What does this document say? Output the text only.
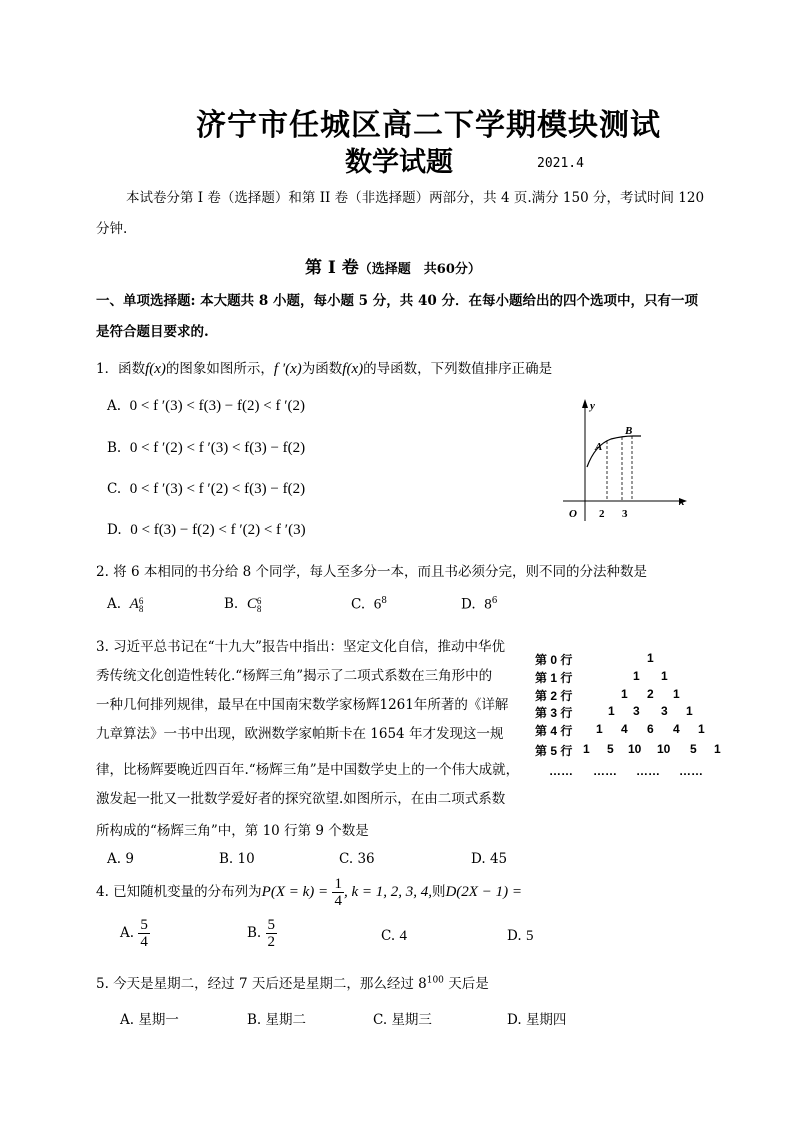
济宁市任城区高二下学期模块测试
数学试题	2021.4
本试卷分第 I 卷（选择题）和第 II 卷（非选择题）两部分，共 4 页.满分 150 分，考试时间 120
分钟.
第 I 卷（选择题　共60分）
一、单项选择题: 本大题共 8 小题，每小题 5 分，共 40 分．在每小题给出的四个选项中，只有一项
是符合题目要求的.
1．函数f(x)的图象如图所示，f ′(x)为函数f(x)的导函数，下列数值排序正确是
A. 0 < f ′(3) < f(3) − f(2) < f ′(2)
B. 0 < f ′(2) < f ′(3) < f(3) − f(2)
C. 0 < f ′(3) < f ′(2) < f(3) − f(2)
D. 0 < f(3) − f(2) < f ′(2) < f ′(3)
y
x
O
A
B
2 3
2. 将 6 本相同的书分给 8 个同学，每人至多分一本，而且书必须分完，则不同的分法种数是
A. A 6
8	B. C 6
8	C. $6^8$	D. $8^6$
3. 习近平总书记在“十九大”报告中指出：坚定文化自信，推动中华优
秀传统文化创造性转化.“杨辉三角”揭示了二项式系数在三角形中的
一种几何排列规律，最早在中国南宋数学家杨辉1261年所著的《详解
九章算法》一书中出现，欧洲数学家帕斯卡在 1654 年才发现这一规
律，比杨辉要晚近四百年.“杨辉三角”是中国数学史上的一个伟大成就，
激发起一批又一批数学爱好者的探究欲望.如图所示，在由二项式系数
所构成的“杨辉三角”中，第 10 行第 9 个数是
第 0 行	1
第 1 行	1 1
第 2 行	1 2 1
第 3 行	1 3 3 1
第 4 行 1 4 6 4 1
第 5 行 1 5 10 10 5 1
…… …… …… ……
A. 9	B. 10	C. 36	D. 45
4. 已知随机变量的分布列为$P(X = k) = \frac{1}{4}$ , k = 1, 2, 3, 4,则D(2X − 1) =
A. $\frac{5}{4}$	B. $\frac{5}{2}$	C. 4	D. 5
5. 今天是星期二，经过 7 天后还是星期二，那么经过 $8^{100}$ 天后是
A. 星期一	B. 星期二	C. 星期三	D. 星期四
